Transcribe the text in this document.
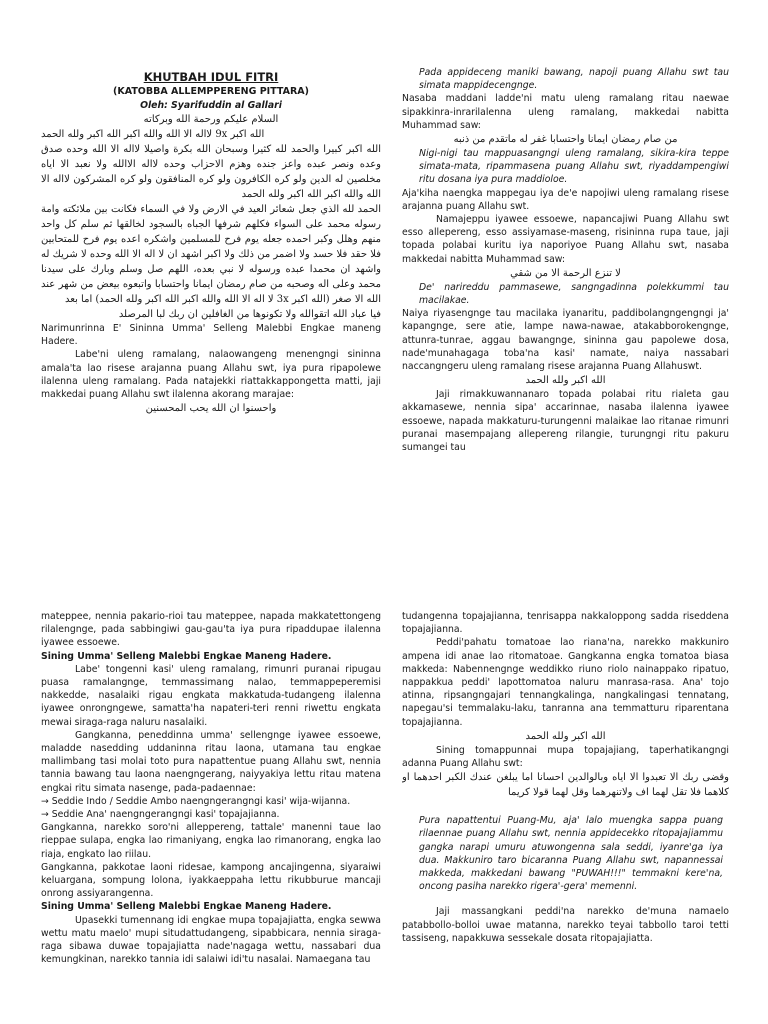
KHUTBAH IDUL FITRI

(KATOBBA ALLEMPPERENG PITTARA)

Oleh: Syarifuddin al Gallari

السلام عليكم ورحمة الله وبركاته

الله اكبر 9x لااله الا الله والله اكبر الله اكبر ولله الحمد

الله اكبر كبيرا والحمد لله كثيرا وسبحان الله بكرة واصيلا لااله الا الله وحده صدق وعده ونصر عبده واعز جنده وهزم الاحزاب وحده لااله الاالله ولا نعبد الا اياه مخلصين له الدين ولو كره الكافرون ولو كره المنافقون ولو كره المشركون لااله الا الله والله اكبر الله اكبر ولله الحمد

الحمد لله الذي جعل شعائر العيد في الارض ولا في السماء فكانت بين ملائكته وامة رسوله محمد على السواء فكلهم شرفها الجباه بالسجود لخالقها ثم سلم كل واحد منهم وهلل وكبر احمده جعله يوم فرح للمسلمين واشكره اعده يوم فرح للمتحابين فلا حقد فلا حسد ولا اضمر من ذلك ولا اكبر اشهد ان لا اله الا الله وحده لا شريك له واشهد ان محمدا عبده ورسوله لا نبي بعده، اللهم صل وسلم وبارك على سيدنا محمد وعلى اله وصحبه من صام رمضان ايمانا واحتسابا واتبعوه بيعض من شهر عند الله الا صغر (الله اكبر 3x لا اله الا الله والله اكبر الله اكبر ولله الحمد) اما بعد

فيا عباد الله اتقوالله ولا تكونوها من الغافلين ان ربك لبا المرصلد

Narimunrinna E' Sininna Umma' Selleng Malebbi Engkae maneng Hadere.

Labe'ni uleng ramalang, nalaowangeng menengngi sininna amala'ta lao risese arajanna puang Allahu swt, iya pura ripapolewe ilalenna uleng ramalang. Pada natajekki riattakkappongetta matti, jaji makkedai puang Allahu swt ilalenna akorang marajae:

واحسنوا ان الله يحب المحسنين

Pada appideceng maniki bawang, napoji puang Allahu swt tau simata mappidecengnge.

Nasaba maddani ladde'ni matu uleng ramalang ritau naewae sipakkinra-inrarilalenna uleng ramalang, makkedai nabitta Muhammad saw:

من صام رمضان ايمانا واحتسابا غفر له ماتقدم من ذنبه

Nigi-nigi tau mappuasangngi uleng ramalang, sikira-kira teppe simata-mata, ripammasena puang Allahu swt, riyaddampengiwi ritu dosana iya pura maddioloe.

Aja'kiha naengka mappegau iya de'e napojiwi uleng ramalang risese arajanna puang Allahu swt.

Namajeppu iyawee essoewe, napancajiwi Puang Allahu swt esso allepereng, esso assiyamase-maseng, risininna rupa taue, jaji topada polabai kuritu iya naporiyoe Puang Allahu swt, nasaba makkedai nabitta Muhammad saw:

لا تنزع الرحمة الا من شقي

De' narireddu pammasewe, sangngadinna polekkummi tau macilakae.

Naiya riyasengnge tau macilaka iyanaritu, paddibolangngengngi ja' kapangnge, sere atie, lampe nawa-nawae, atakabborokengnge, attunra-tunrae, aggau bawangnge, sininna gau papolewe dosa, nade'munahagaga toba'na kasi' namate, naiya nassabari naccangngeru uleng ramalang risese arajanna Puang Allahuswt.

الله اكبر ولله الحمد

Jaji rimakkuwannanaro topada polabai ritu rialeta gau akkamasewe, nennia sipa' accarinnae, nasaba ilalenna iyawee essoewe, napada makkaturu-turungenni malaikae lao ritanae rimunri puranai masempajang allepereng rilangie, turungngi ritu pakuru sumangei tau

mateppee, nennia pakario-rioi tau mateppee, napada makkatettongeng rilalengnge, pada sabbingiwi gau-gau'ta iya pura ripaddupae ilalenna iyawee essoewe.

Sining Umma' Selleng Malebbi Engkae Maneng Hadere.

Labe' tongenni kasi' uleng ramalang, rimunri puranai ripugau puasa ramalangnge, temmassimang nalao, temmappeperemisi nakkedde, nasalaiki rigau engkata makkatuda-tudangeng ilalenna iyawee onrongngewe, samatta'ha napateri-teri renni riwettu engkata mewai siraga-raga naluru nasalaiki.

Gangkanna, peneddinna umma' sellengnge iyawee essoewe, maladde nasedding uddaninna ritau laona, utamana tau engkae mallimbang tasi molai toto pura napattentue puang Allahu swt, nennia tannia bawang tau laona naengngerang, naiyyakiya lettu ritau matena engkai ritu simata nasenge, pada-padaennae:

→ Seddie Indo / Seddie Ambo naengngerangngi kasi' wija-wijanna.

→ Seddie Ana' naengngerangngi kasi' topajajianna.

Gangkanna, narekko soro'ni alleppereng, tattale' manenni taue lao rieppae sulapa, engka lao rimaniyang, engka lao rimanorang, engka lao riaja, engkato lao riilau.

Gangkanna, pakkotae laoni ridesae, kampong ancajingenna, siyaraiwi keluargana, sompung lolona, iyakkaeppaha lettu rikubburue mancaji onrong assiyarangenna.

Sining Umma' Selleng Malebbi Engkae Maneng Hadere.

Upasekki tumennang idi engkae mupa topajajiatta, engka sewwa wettu matu maelo' mupi situdattudangeng, sipabbicara, nennia siraga-raga sibawa duwae topajajiatta nade'nagaga wettu, nassabari dua kemungkinan, narekko tannia idi salaiwi idi'tu nasalai. Namaegana tau

tudangenna topajajianna, tenrisappa nakkaloppong sadda riseddena topajajianna.

Peddi'pahatu tomatoae lao riana'na, narekko makkuniro ampena idi anae lao ritomatoae. Gangkanna engka tomatoa biasa makkeda: Nabennengnge weddikko riuno riolo nainappako ripatuo, nappakkua peddi' lapottomatoa naluru manrasa-rasa. Ana' tojo atinna, ripsangngajari tennangkalinga, nangkalingasi tennatang, napegau'si temmalaku-laku, tanranna ana temmatturu riparentana topajajianna.

الله اكبر ولله الحمد

Sining tomappunnai mupa topajajiang, taperhatikangngi adanna Puang Allahu swt:

وقضى ربك الا تعبدوا الا اياه وبالوالدين احسانا اما يبلغن عندك الكبر احدهما او كلاهما فلا تقل لهما اف ولاتنهرهما وقل لهما قولا كريما

Pura napattentui Puang-Mu, aja' lalo muengka sappa puang rilaennae puang Allahu swt, nennia appidecekko ritopajajiammu gangka narapi umuru atuwongenna sala seddi, iyanre'ga iya dua. Makkuniro taro bicaranna Puang Allahu swt, napannessai makkeda, makkedani bawang "PUWAH!!!" temmakni kere'na, oncong pasiha narekko rigera'-gera' memenni.

Jaji massangkani peddi'na narekko de'muna namaelo patabbollo-bolloi uwae matanna, narekko teyai tabbollo taroi tetti tassiseng, napakkuwa sessekale dosata ritopajajiatta.
